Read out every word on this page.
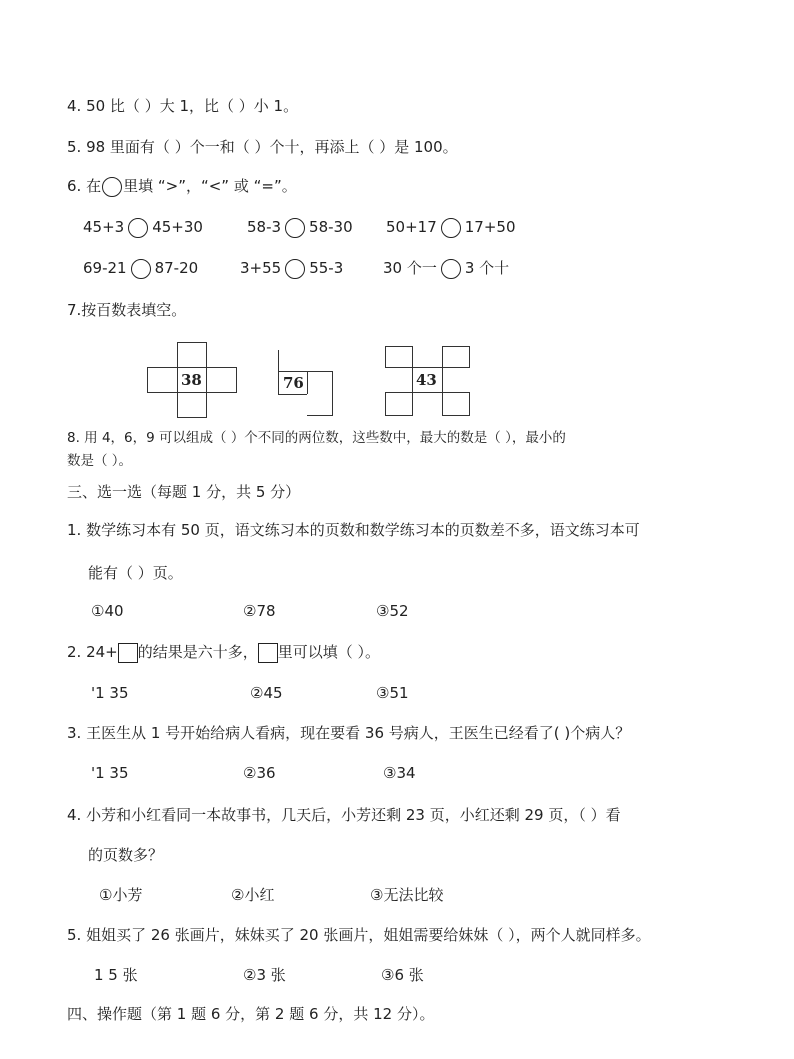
4. 50 比（ ）大 1，比（ ）小 1。
5. 98 里面有（ ）个一和（ ）个十，再添上（ ）是 100。
6. 在 里填 “>”，“<” 或 “=”。
45+3 45+30	58-3 58-30 50+17 17+50
69-21 87-20	3+55 55-3	30 个一 3 个十
7.按百数表填空。
38	76	43
8. 用 4，6，9 可以组成（ ）个不同的两位数，这些数中，最大的数是（ ），最小的
数是（ ）。
三、选一选（每题 1 分，共 5 分）
1. 数学练习本有 50 页，语文练习本的页数和数学练习本的页数差不多，语文练习本可
能有（ ）页。
①40	②78	③52
2. 24+ 的结果是六十多， 里可以填（ ）。
'1 35	②45	③51
3. 王医生从 1 号开始给病人看病，现在要看 36 号病人，王医生已经看了( )个病人？
'1 35	②36	③34
4. 小芳和小红看同一本故事书，几天后，小芳还剩 23 页，小红还剩 29 页，（ ）看
的页数多？
①小芳	②小红	③无法比较
5. 姐姐买了 26 张画片，妹妹买了 20 张画片，姐姐需要给妹妹（ ），两个人就同样多。
1 5 张	②3 张	③6 张
四、操作题（第 1 题 6 分，第 2 题 6 分，共 12 分）。
